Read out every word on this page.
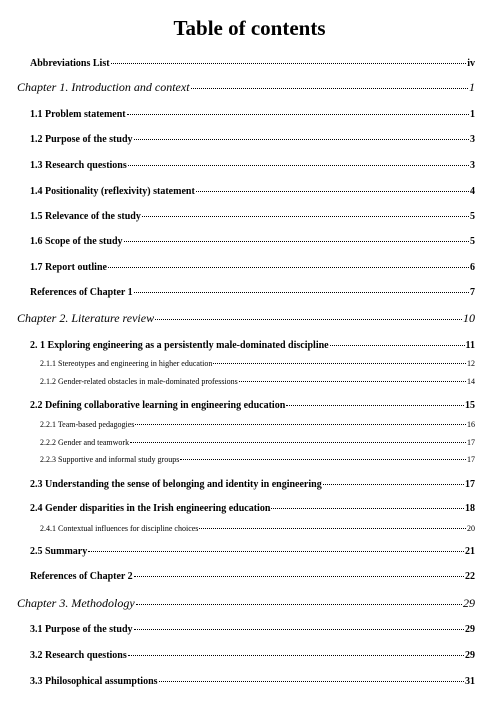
Table of contents
Abbreviations List	iv
Chapter 1. Introduction and context	1
1.1 Problem statement	1
1.2 Purpose of the study	3
1.3 Research questions	3
1.4 Positionality (reflexivity) statement	4
1.5 Relevance of the study	5
1.6 Scope of the study	5
1.7 Report outline	6
References of Chapter 1	7
Chapter 2. Literature review	10
2. 1 Exploring engineering as a persistently male-dominated discipline	11
2.1.1 Stereotypes and engineering in higher education	12
2.1.2 Gender-related obstacles in male-dominated professions	14
2.2 Defining collaborative learning in engineering education	15
2.2.1 Team-based pedagogies	16
2.2.2 Gender and teamwork	17
2.2.3 Supportive and informal study groups	17
2.3 Understanding the sense of belonging and identity in engineering	17
2.4 Gender disparities in the Irish engineering education	18
2.4.1 Contextual influences for discipline choices	20
2.5 Summary	21
References of Chapter 2	22
Chapter 3. Methodology	29
3.1 Purpose of the study	29
3.2 Research questions	29
3.3 Philosophical assumptions	31
